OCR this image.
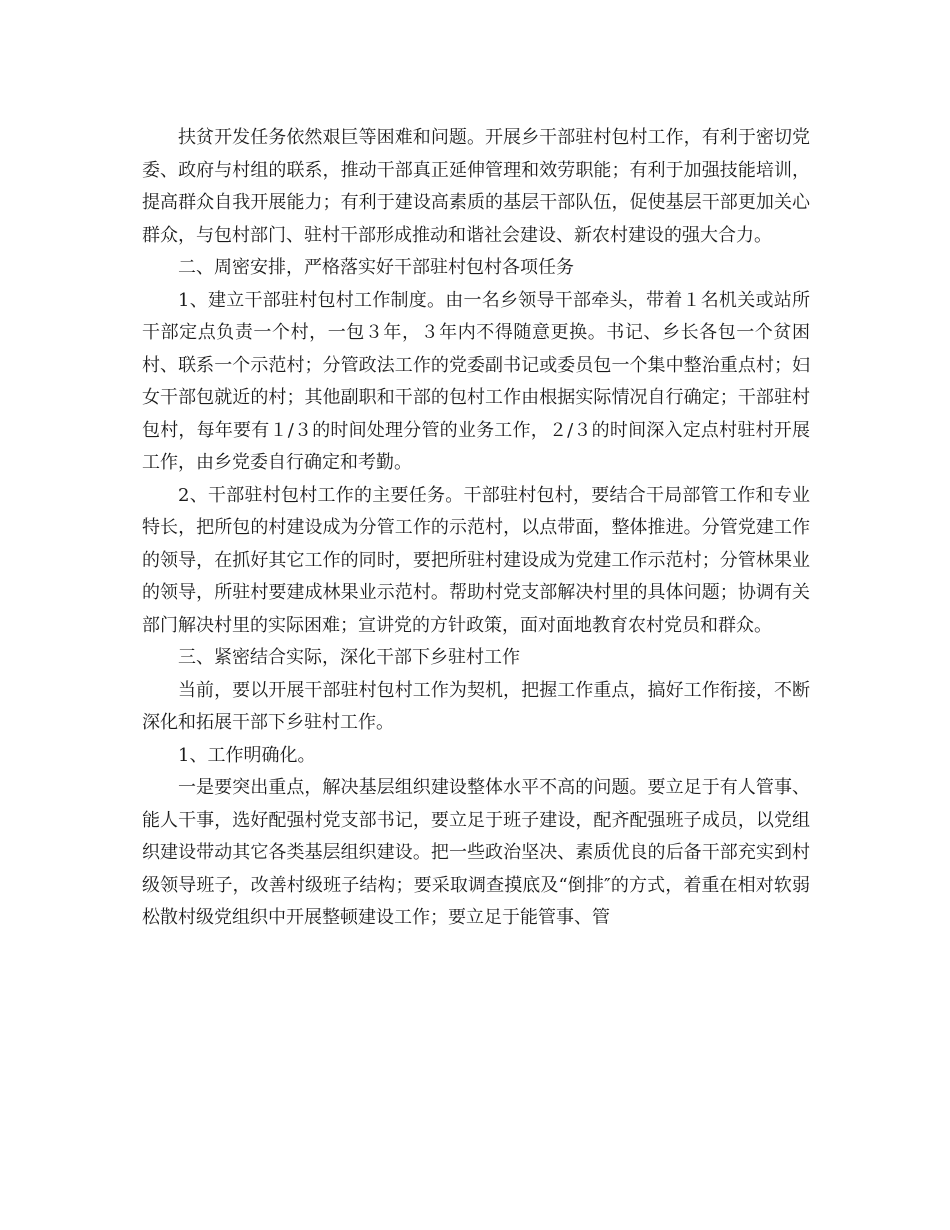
扶贫开发任务依然艰巨等困难和问题。开展乡干部驻村包村工作，有利于密切党委、政府与村组的联系，推动干部真正延伸管理和效劳职能；有利于加强技能培训，提高群众自我开展能力；有利于建设高素质的基层干部队伍，促使基层干部更加关心群众，与包村部门、驻村干部形成推动和谐社会建设、新农村建设的强大合力。

二、周密安排，严格落实好干部驻村包村各项任务

1、建立干部驻村包村工作制度。由一名乡领导干部牵头，带着１名机关或站所干部定点负责一个村，一包３年，３年内不得随意更换。书记、乡长各包一个贫困村、联系一个示范村；分管政法工作的党委副书记或委员包一个集中整治重点村；妇女干部包就近的村；其他副职和干部的包村工作由根据实际情况自行确定；干部驻村包村，每年要有１/３的时间处理分管的业务工作，２/３的时间深入定点村驻村开展工作，由乡党委自行确定和考勤。

2、干部驻村包村工作的主要任务。干部驻村包村，要结合干局部管工作和专业特长，把所包的村建设成为分管工作的示范村，以点带面，整体推进。分管党建工作的领导，在抓好其它工作的同时，要把所驻村建设成为党建工作示范村；分管林果业的领导，所驻村要建成林果业示范村。帮助村党支部解决村里的具体问题；协调有关部门解决村里的实际困难；宣讲党的方针政策，面对面地教育农村党员和群众。

三、紧密结合实际，深化干部下乡驻村工作

当前，要以开展干部驻村包村工作为契机，把握工作重点，搞好工作衔接，不断深化和拓展干部下乡驻村工作。

1、工作明确化。

一是要突出重点，解决基层组织建设整体水平不高的问题。要立足于有人管事、能人干事，选好配强村党支部书记，要立足于班子建设，配齐配强班子成员，以党组织建设带动其它各类基层组织建设。把一些政治坚决、素质优良的后备干部充实到村级领导班子，改善村级班子结构；要采取调查摸底及“倒排″的方式，着重在相对软弱松散村级党组织中开展整顿建设工作；要立足于能管事、管
